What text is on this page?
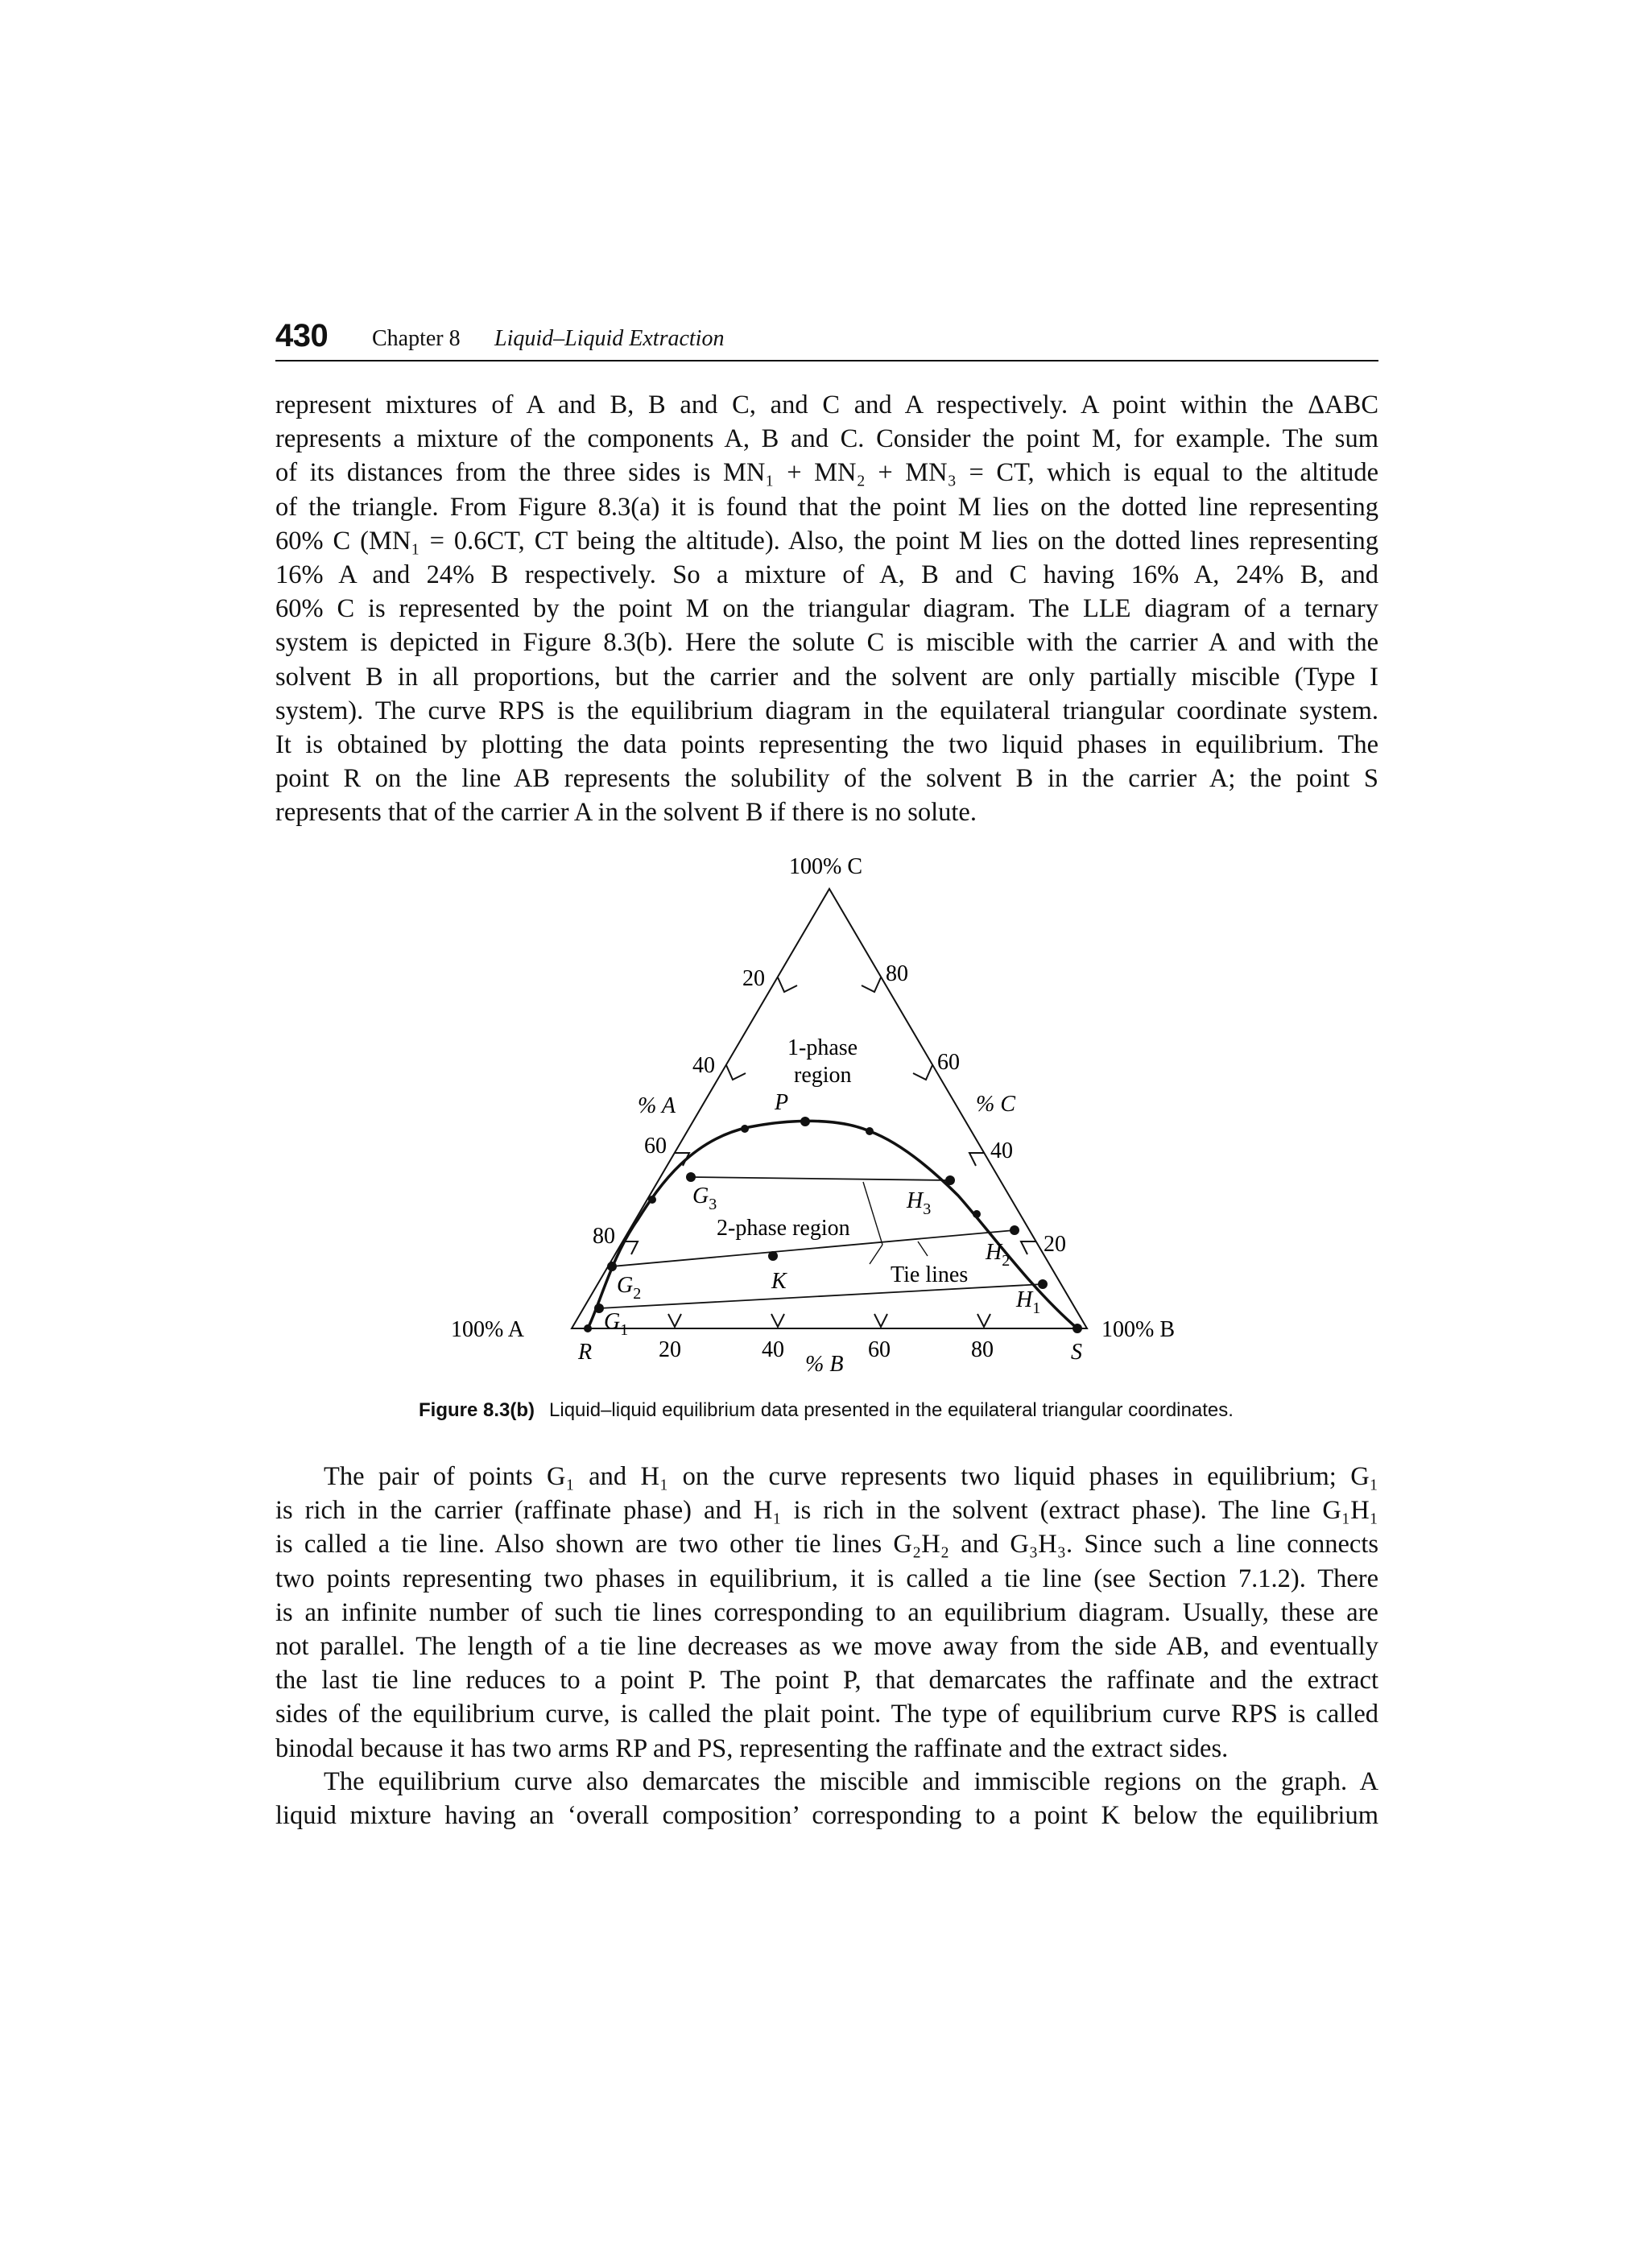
430 Chapter 8 Liquid–Liquid Extraction
represent mixtures of A and B, B and C, and C and A respectively. A point within the ΔABC
represents a mixture of the components A, B and C. Consider the point M, for example. The sum
of its distances from the three sides is MN₁ + MN₂ + MN₃ = CT, which is equal to the altitude
of the triangle. From Figure 8.3(a) it is found that the point M lies on the dotted line representing
60% C (MN₁ = 0.6CT, CT being the altitude). Also, the point M lies on the dotted lines representing
16% A and 24% B respectively. So a mixture of A, B and C having 16% A, 24% B, and
60% C is represented by the point M on the triangular diagram. The LLE diagram of a ternary
system is depicted in Figure 8.3(b). Here the solute C is miscible with the carrier A and with the
solvent B in all proportions, but the carrier and the solvent are only partially miscible (Type I
system). The curve RPS is the equilibrium diagram in the equilateral triangular coordinate system.
It is obtained by plotting the data points representing the two liquid phases in equilibrium. The
point R on the line AB represents the solubility of the solvent B in the carrier A; the point S
represents that of the carrier A in the solvent B if there is no solute.
100% C
100% A	100% B
% A	% C
% B
20
40
60
80
80
60
40
20
20	40	60	80
1-phase
region
2-phase region
Tie lines
P
K
R	S
$G_1$
$G_2$
$G_3$
$H_1$
$H_2$
$H_3$
Figure 8.3(b) Liquid–liquid equilibrium data presented in the equilateral triangular coordinates.
The pair of points G₁ and H₁ on the curve represents two liquid phases in equilibrium; G₁
is rich in the carrier (raffinate phase) and H₁ is rich in the solvent (extract phase). The line G₁H₁
is called a tie line. Also shown are two other tie lines G₂H₂ and G₃H₃. Since such a line connects
two points representing two phases in equilibrium, it is called a tie line (see Section 7.1.2). There
is an infinite number of such tie lines corresponding to an equilibrium diagram. Usually, these are
not parallel. The length of a tie line decreases as we move away from the side AB, and eventually
the last tie line reduces to a point P. The point P, that demarcates the raffinate and the extract
sides of the equilibrium curve, is called the plait point. The type of equilibrium curve RPS is called
binodal because it has two arms RP and PS, representing the raffinate and the extract sides.
The equilibrium curve also demarcates the miscible and immiscible regions on the graph. A
liquid mixture having an ‘overall composition’ corresponding to a point K below the equilibrium
